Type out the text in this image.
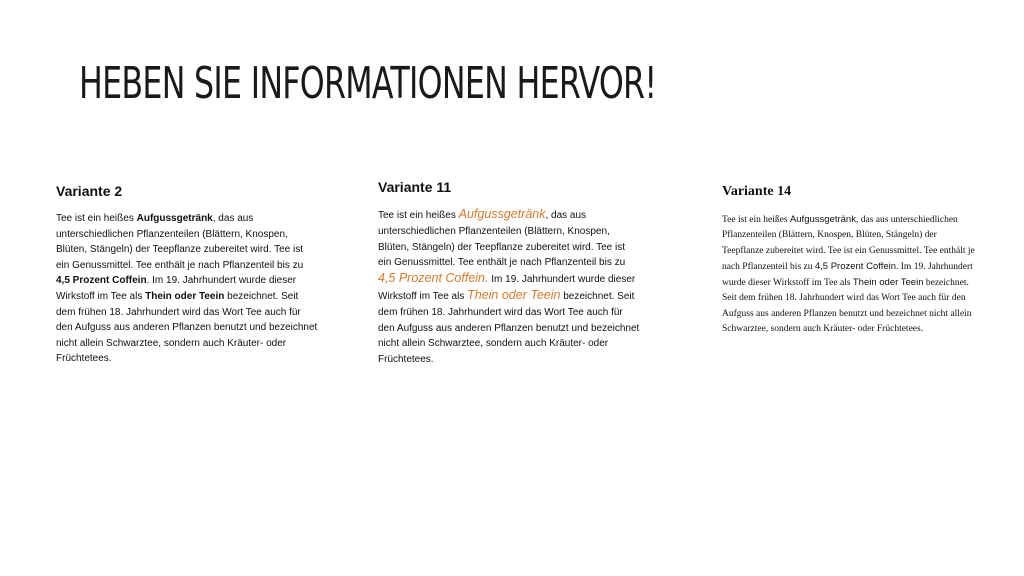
HEBEN SIE INFORMATIONEN HERVOR!
Variante 2

Tee ist ein heißes Aufgussgetränk, das aus unterschiedlichen Pflanzenteilen (Blättern, Knospen, Blüten, Stängeln) der Teepflanze zubereitet wird. Tee ist ein Genussmittel. Tee enthält je nach Pflanzenteil bis zu 4,5 Prozent Coffein. Im 19. Jahrhundert wurde dieser Wirkstoff im Tee als Thein oder Teein bezeichnet. Seit dem frühen 18. Jahrhundert wird das Wort Tee auch für den Aufguss aus anderen Pflanzen benutzt und bezeichnet nicht allein Schwarztee, sondern auch Kräuter- oder Früchtetees.

Variante 11

Tee ist ein heißes Aufgussgetränk, das aus unterschiedlichen Pflanzenteilen (Blättern, Knospen, Blüten, Stängeln) der Teepflanze zubereitet wird. Tee ist ein Genussmittel. Tee enthält je nach Pflanzenteil bis zu 4,5 Prozent Coffein. Im 19. Jahrhundert wurde dieser Wirkstoff im Tee als Thein oder Teein bezeichnet. Seit dem frühen 18. Jahrhundert wird das Wort Tee auch für den Aufguss aus anderen Pflanzen benutzt und bezeichnet nicht allein Schwarztee, sondern auch Kräuter- oder Früchtetees.

Variante 14

Tee ist ein heißes Aufgussgetränk, das aus unterschiedlichen Pflanzenteilen (Blättern, Knospen, Blüten, Stängeln) der Teepflanze zubereitet wird. Tee ist ein Genussmittel. Tee enthält je nach Pflanzenteil bis zu 4,5 Prozent Coffein. Im 19. Jahrhundert wurde dieser Wirkstoff im Tee als Thein oder Teein bezeichnet. Seit dem frühen 18. Jahrhundert wird das Wort Tee auch für den Aufguss aus anderen Pflanzen benutzt und bezeichnet nicht allein Schwarztee, sondern auch Kräuter- oder Früchtetees.
